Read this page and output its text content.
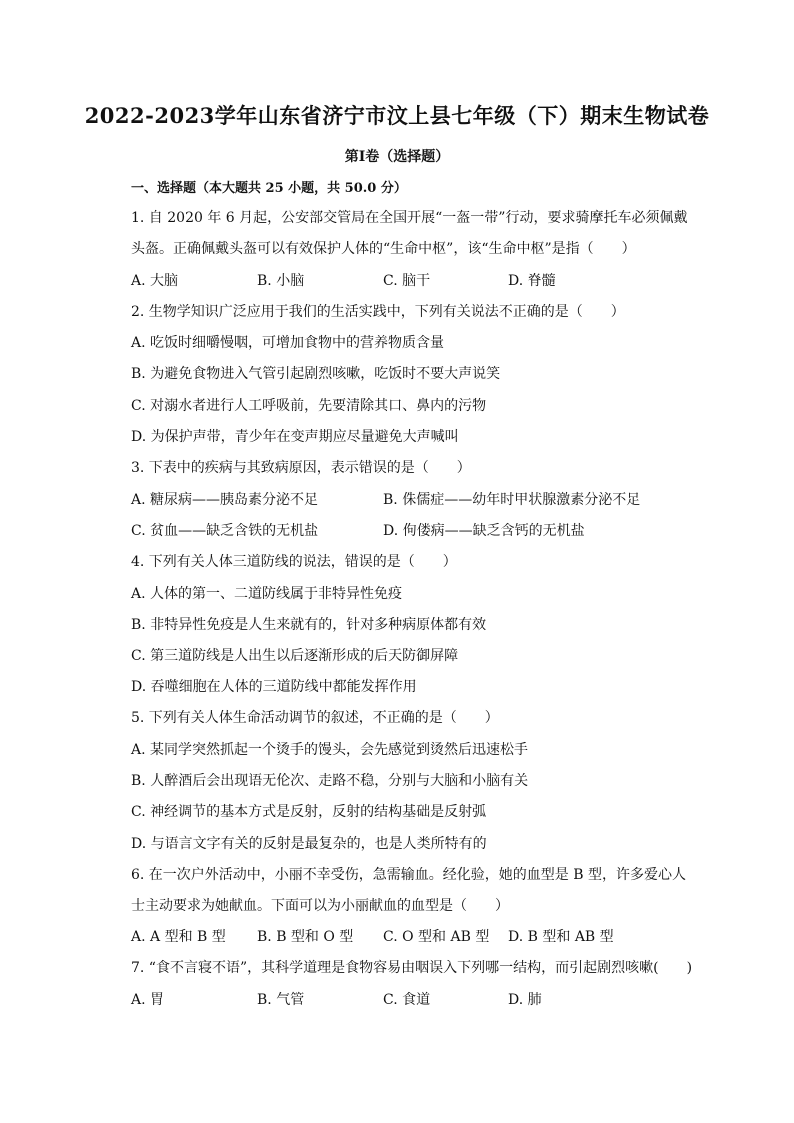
2022-2023学年山东省济宁市汶上县七年级（下）期末生物试卷
第Ⅰ卷（选择题）
一、选择题（本大题共 25 小题，共 50.0 分）
1. 自 2020 年 6 月起，公安部交管局在全国开展“一盔一带”行动，要求骑摩托车必须佩戴
头盔。正确佩戴头盔可以有效保护人体的“生命中枢”，该“生命中枢”是指（　　）
A. 大脑	B. 小脑	C. 脑干	D. 脊髓
2. 生物学知识广泛应用于我们的生活实践中，下列有关说法不正确的是（　　）
A. 吃饭时细嚼慢咽，可增加食物中的营养物质含量
B. 为避免食物进入气管引起剧烈咳嗽，吃饭时不要大声说笑
C. 对溺水者进行人工呼吸前，先要清除其口、鼻内的污物
D. 为保护声带，青少年在变声期应尽量避免大声喊叫
3. 下表中的疾病与其致病原因，表示错误的是（　　）
A. 糖尿病——胰岛素分泌不足	B. 侏儒症——幼年时甲状腺激素分泌不足
C. 贫血——缺乏含铁的无机盐	D. 佝偻病——缺乏含钙的无机盐
4. 下列有关人体三道防线的说法，错误的是（　　）
A. 人体的第一、二道防线属于非特异性免疫
B. 非特异性免疫是人生来就有的，针对多种病原体都有效
C. 第三道防线是人出生以后逐渐形成的后天防御屏障
D. 吞噬细胞在人体的三道防线中都能发挥作用
5. 下列有关人体生命活动调节的叙述，不正确的是（　　）
A. 某同学突然抓起一个烫手的馒头，会先感觉到烫然后迅速松手
B. 人醉酒后会出现语无伦次、走路不稳，分别与大脑和小脑有关
C. 神经调节的基本方式是反射，反射的结构基础是反射弧
D. 与语言文字有关的反射是最复杂的，也是人类所特有的
6. 在一次户外活动中，小丽不幸受伤，急需输血。经化验，她的血型是 B 型，许多爱心人
士主动要求为她献血。下面可以为小丽献血的血型是（　　）
A. A 型和 B 型 B. B 型和 O 型 C. O 型和 AB 型 D. B 型和 AB 型
7. “食不言寝不语”，其科学道理是食物容易由咽误入下列哪一结构，而引起剧烈咳嗽(　　)
A. 胃	B. 气管	C. 食道	D. 肺
